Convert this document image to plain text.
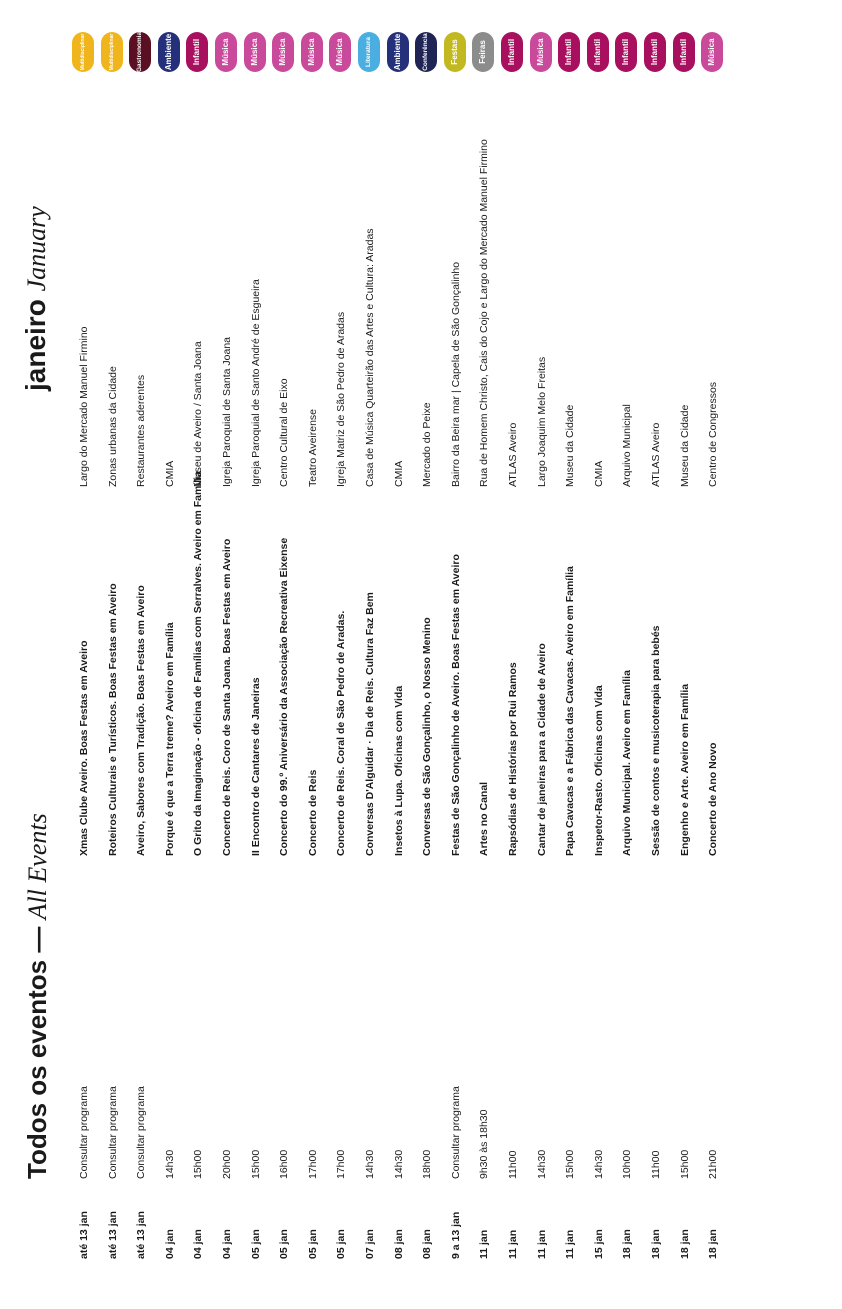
Todos os eventos — All Events
janeiro January
até 13 jan
Consultar programa
Xmas Clube Aveiro. Boas Festas em Aveiro
Largo do Mercado Manuel Firmino
Multidisciplinar
até 13 jan
Consultar programa
Roteiros Culturais e Turísticos. Boas Festas em Aveiro
Zonas urbanas da Cidade
Multidisciplinar
até 13 jan
Consultar programa
Aveiro, Sabores com Tradição. Boas Festas em Aveiro
Restaurantes aderentes
Gastronomia
04 jan
14h30
Porque é que a Terra treme? Aveiro em Família
CMIA
Ambiente
04 jan
15h00
O Grito da Imaginação - oficina de Famílias com Serralves. Aveiro em Família
Museu de Aveiro / Santa Joana
Infantil
04 jan
20h00
Concerto de Reis. Coro de Santa Joana. Boas Festas em Aveiro
Igreja Paroquial de Santa Joana
Música
05 jan
15h00
II Encontro de Cantares de Janeiras
Igreja Paroquial de Santo André de Esgueira
Música
05 jan
16h00
Concerto do 99.º Aniversário da Associação Recreativa Eixense
Centro Cultural de Eixo
Música
05 jan
17h00
Concerto de Reis
Teatro Aveirense
Música
05 jan
17h00
Concerto de Reis. Coral de São Pedro de Aradas.
Igreja Matriz de São Pedro de Aradas
Música
07 jan
14h30
Conversas D'Alguidar · Dia de Reis. Cultura Faz Bem
Casa de Música Quarteirão das Artes e Cultura: Aradas
Literatura
08 jan
14h30
Insetos à Lupa. Oficinas com Vida
CMIA
Ambiente
08 jan
18h00
Conversas de São Gonçalinho, o Nosso Menino
Mercado do Peixe
Conferência
9 a 13 jan
Consultar programa
Festas de São Gonçalinho de Aveiro. Boas Festas em Aveiro
Bairro da Beira mar | Capela de São Gonçalinho
Festas
11 jan
9h30 às 18h30
Artes no Canal
Rua de Homem Christo, Cais do Cojo e Largo do Mercado Manuel Firmino
Feiras
11 jan
11h00
Rapsódias de Histórias por Rui Ramos
ATLAS Aveiro
Infantil
11 jan
14h30
Cantar de janeiras para a Cidade de Aveiro
Largo Joaquim Melo Freitas
Música
11 jan
15h00
Papa Cavacas e a Fábrica das Cavacas. Aveiro em Família
Museu da Cidade
Infantil
15 jan
14h30
Inspetor-Rasto. Oficinas com Vida
CMIA
Infantil
18 jan
10h00
Arquivo Municipal. Aveiro em Família
Arquivo Municipal
Infantil
18 jan
11h00
Sessão de contos e musicoterapia para bebés
ATLAS Aveiro
Infantil
18 jan
15h00
Engenho e Arte. Aveiro em Família
Museu da Cidade
Infantil
18 jan
21h00
Concerto de Ano Novo
Centro de Congressos
Música
